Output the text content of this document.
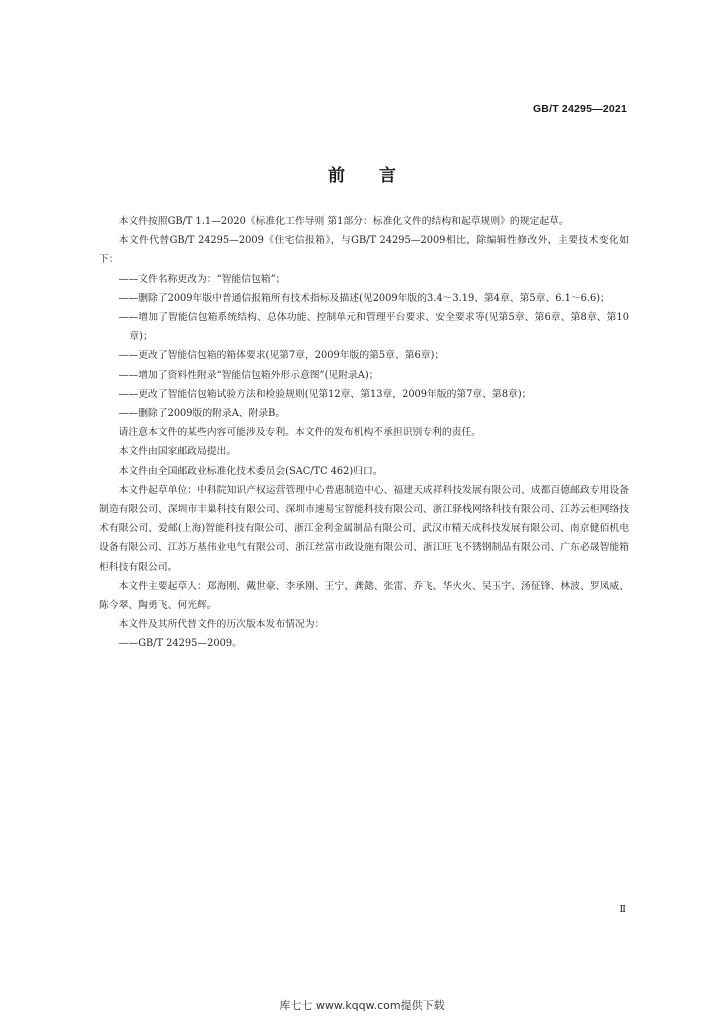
GB/T 24295—2021
前 言

本文件按照GB/T 1.1—2020《标准化工作导则 第1部分：标准化文件的结构和起草规则》的规定起草。

本文件代替GB/T 24295—2009《住宅信报箱》，与GB/T 24295—2009相比，除编辑性修改外，主要技术变化如下：

——文件名称更改为：“智能信包箱”；

——删除了2009年版中普通信报箱所有技术指标及描述(见2009年版的3.4～3.19、第4章、第5章、6.1～6.6)；

——增加了智能信包箱系统结构、总体功能、控制单元和管理平台要求、安全要求等(见第5章、第6章、第8章、第10章)；

——更改了智能信包箱的箱体要求(见第7章，2009年版的第5章、第6章)；

——增加了资料性附录“智能信包箱外形示意图”(见附录A)；

——更改了智能信包箱试验方法和检验规则(见第12章、第13章，2009年版的第7章、第8章)；

——删除了2009版的附录A、附录B。

请注意本文件的某些内容可能涉及专利。本文件的发布机构不承担识别专利的责任。

本文件由国家邮政局提出。

本文件由全国邮政业标准化技术委员会(SAC/TC 462)归口。

本文件起草单位：中科院知识产权运营管理中心普惠制造中心、福建天成祥科技发展有限公司、成都百德邮政专用设备制造有限公司、深圳市丰巢科技有限公司、深圳市速易宝智能科技有限公司、浙江驿栈网络科技有限公司、江苏云柜网络技术有限公司、爱邮(上海)智能科技有限公司、浙江金利金属制品有限公司、武汉市精天成科技发展有限公司、南京健佰机电设备有限公司、江苏万基伟业电气有限公司、浙江丝富市政设施有限公司、浙江旺飞不锈钢制品有限公司、广东必晟智能箱柜科技有限公司。

本文件主要起草人：郑海刚、戴世豪、李承刚、王宁、龚懿、张雷、乔飞、华火火、吴玉宇、汤征锋、林波、罗凤威、陈今翠、陶勇飞、何光辉。

本文件及其所代替文件的历次版本发布情况为：

——GB/T 24295—2009。

Ⅱ
库七七 www.kqqw.com提供下载
